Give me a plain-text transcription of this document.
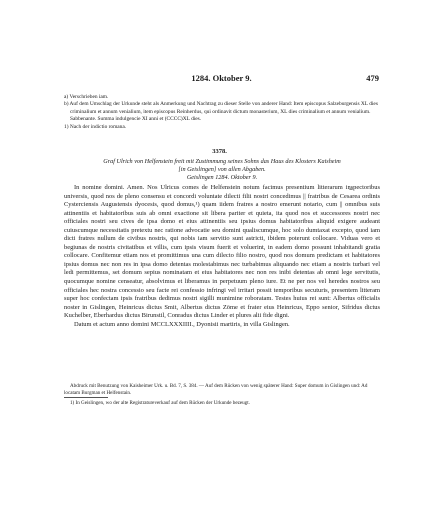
1284. Oktober 9.	479

a) Verschrieben iam.

b) Auf dem Umschlag der Urkunde steht als Anmerkung und Nachtrag zu dieser Stelle von anderer Hand: Item episcopus Salzeburgensis XL dies criminalium et annum venialium, item episcopus Reinherdus, qui ordinavit dictum monasterium, XL dies criminalium et annum venialium. Sabbenante. Summa indulgencie XI anni et (CCCC)XL dies.

1) Nach der indictio romana.

3378.

Graf Ulrich von Helfenstein freit mit Zustimmung seines Sohns das Haus des Klosters Kaisheim

[in Geislingen] von allen Abgaben.

Geislingen 1284. Oktober 9.

In nomine domini. Amen. Nos Ulricus comes de Helfenstein notum facimus presentium litterarum in͜spectoribus universis, quod nos de pleno consensu et concordi voluntate dilecti filii nostri concedimus || fratribus de Cesarea ordinis Cysterciensis Augustensis dyocesis, quod domus,¹) quam iidem fratres a nostro emerunt notario, cum || omnibus suis attinentiis et habitatoribus suis ab omni exactione sit libera pariter et quieta, ita quod nos et successores nostri nec officiales nostri seu cives de ipsa domo et eius attinentiis seu ipsius domus habitatoribus aliquid exigere audeant cuiuscumque necessitatis pretextu nec ratione advocatie seu domini qualiscumque, hoc solo dumtaxat excepto, quod iam dicti fratres nullum de civibus nostris, qui nobis iam servitio sunt astricti, ibidem poterunt collocare. Viduas vero et begiunas de nostris civitatibus et villis, cum ipsis visum fuerit et voluerint, in eadem domo possunt inhabitandi gratia collocare. Confitemur etiam nos et promittimus una cum dilecto filio nostro, quod nos domum predictam et habitatores ipsius domus nec non res in ipsa domo detentas molestabimus nec turbabimus aliquando nec etiam a nostris turbari vel ledi permittemus, set domum sepius nominatam et eius habitatores nec non res inibi detentas ab omni lege servitutis, quocumque nomine censeatur, absolvimus et liberamus in perpetuum pleno iure. Et ne per nos vel heredes nostros seu officiales hec nostra concessio seu facte rei confessio infringi vel irritari possit temporibus secuturis, presentem litteram super hoc confectam ipsis fratribus dedimus nostri sigilli munimine roboratam. Testes huius rei sunt: Albertus officialis noster in Gislingen, Heinricus dictus Smit, Albertus dictus Zōme et frater eius Heinricus, Eppo senior, Sifridus dictus Kuchelber, Eberhardus dictus Birunstil, Conradus dictus Linder et plures alii fide digni.

Datum et actum anno domini MCCLXXXIIII., Dyonisii martiris, in villa Gislingen.

Abdruck mit Benutzung von Kaisheimer Urk. u. Bd. 7, S. 384. — Auf dem Rücken von wenig späterer Hand: Super domum in Gislingen und: Ad locatam Burgman et Helfenstain.

1) In Geislingen, wo der alte Registratureverkauf auf dem Rücken der Urkunde bezeugt.
